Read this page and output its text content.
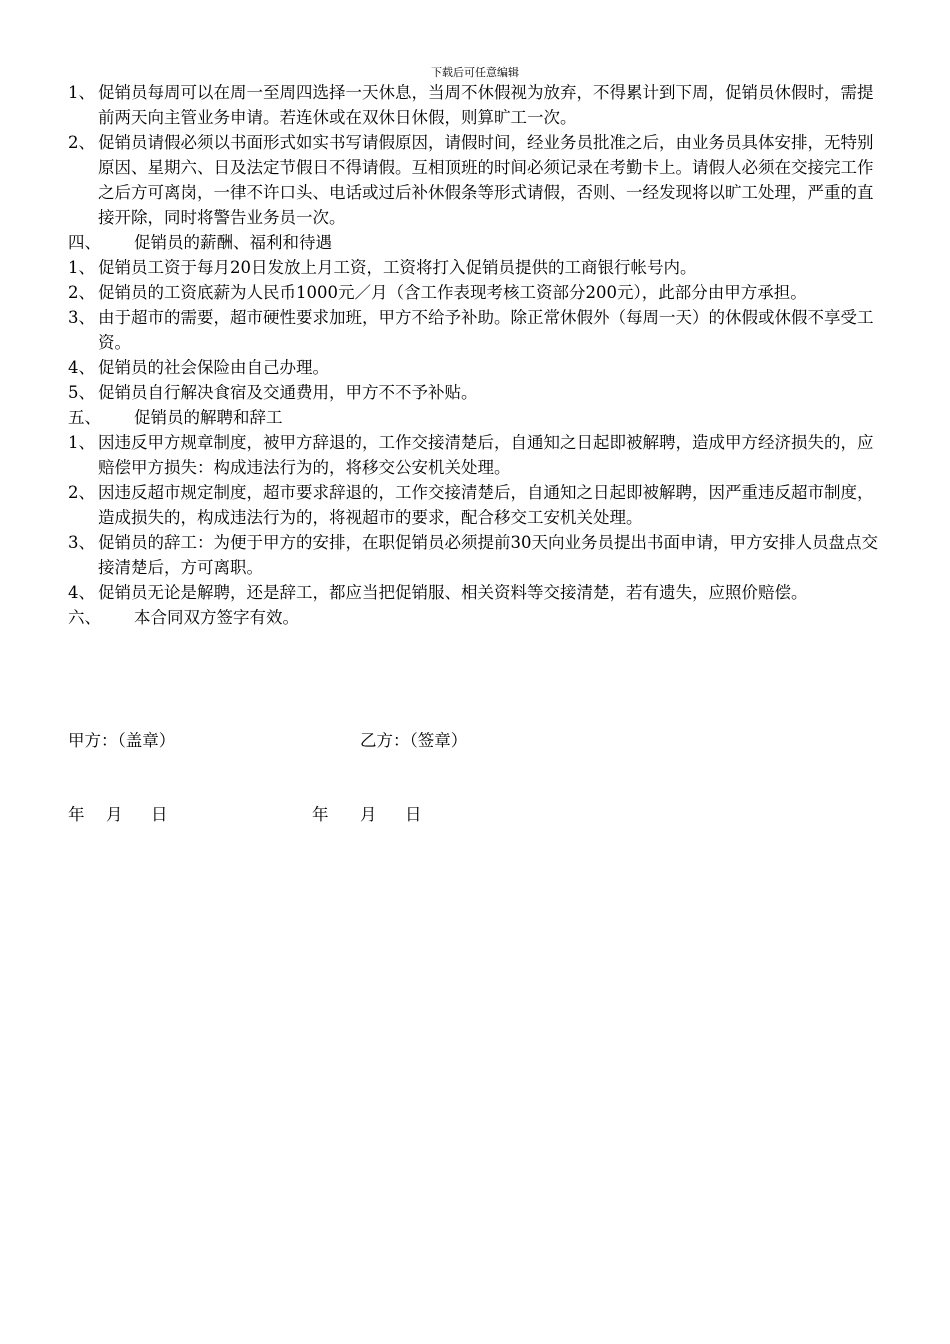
下载后可任意编辑

1、 促销员每周可以在周一至周四选择一天休息，当周不休假视为放弃，不得累计到下周，促销员休假时，需提前两天向主管业务申请。若连休或在双休日休假，则算旷工一次。

2、 促销员请假必须以书面形式如实书写请假原因，请假时间，经业务员批准之后，由业务员具体安排，无特别原因、星期六、日及法定节假日不得请假。互相顶班的时间必须记录在考勤卡上。请假人必须在交接完工作之后方可离岗，一律不许口头、电话或过后补休假条等形式请假，否则、一经发现将以旷工处理，严重的直接开除，同时将警告业务员一次。

四、 促销员的薪酬、福利和待遇

1、 促销员工资于每月20日发放上月工资，工资将打入促销员提供的工商银行帐号内。

2、 促销员的工资底薪为人民币1000元／月（含工作表现考核工资部分200元），此部分由甲方承担。

3、 由于超市的需要，超市硬性要求加班，甲方不给予补助。除正常休假外（每周一天）的休假或休假不享受工资。

4、 促销员的社会保险由自己办理。

5、 促销员自行解决食宿及交通费用，甲方不不予补贴。

五、 促销员的解聘和辞工

1、 因违反甲方规章制度，被甲方辞退的，工作交接清楚后，自通知之日起即被解聘，造成甲方经济损失的，应赔偿甲方损失：构成违法行为的，将移交公安机关处理。

2、 因违反超市规定制度，超市要求辞退的，工作交接清楚后，自通知之日起即被解聘，因严重违反超市制度，造成损失的，构成违法行为的，将视超市的要求，配合移交工安机关处理。

3、 促销员的辞工：为便于甲方的安排，在职促销员必须提前30天向业务员提出书面申请，甲方安排人员盘点交接清楚后，方可离职。

4、 促销员无论是解聘，还是辞工，都应当把促销服、相关资料等交接清楚，若有遗失，应照价赔偿。

六、 本合同双方签字有效。

甲方：（盖章）	乙方：（签章）
年 月 日	年 月 日
